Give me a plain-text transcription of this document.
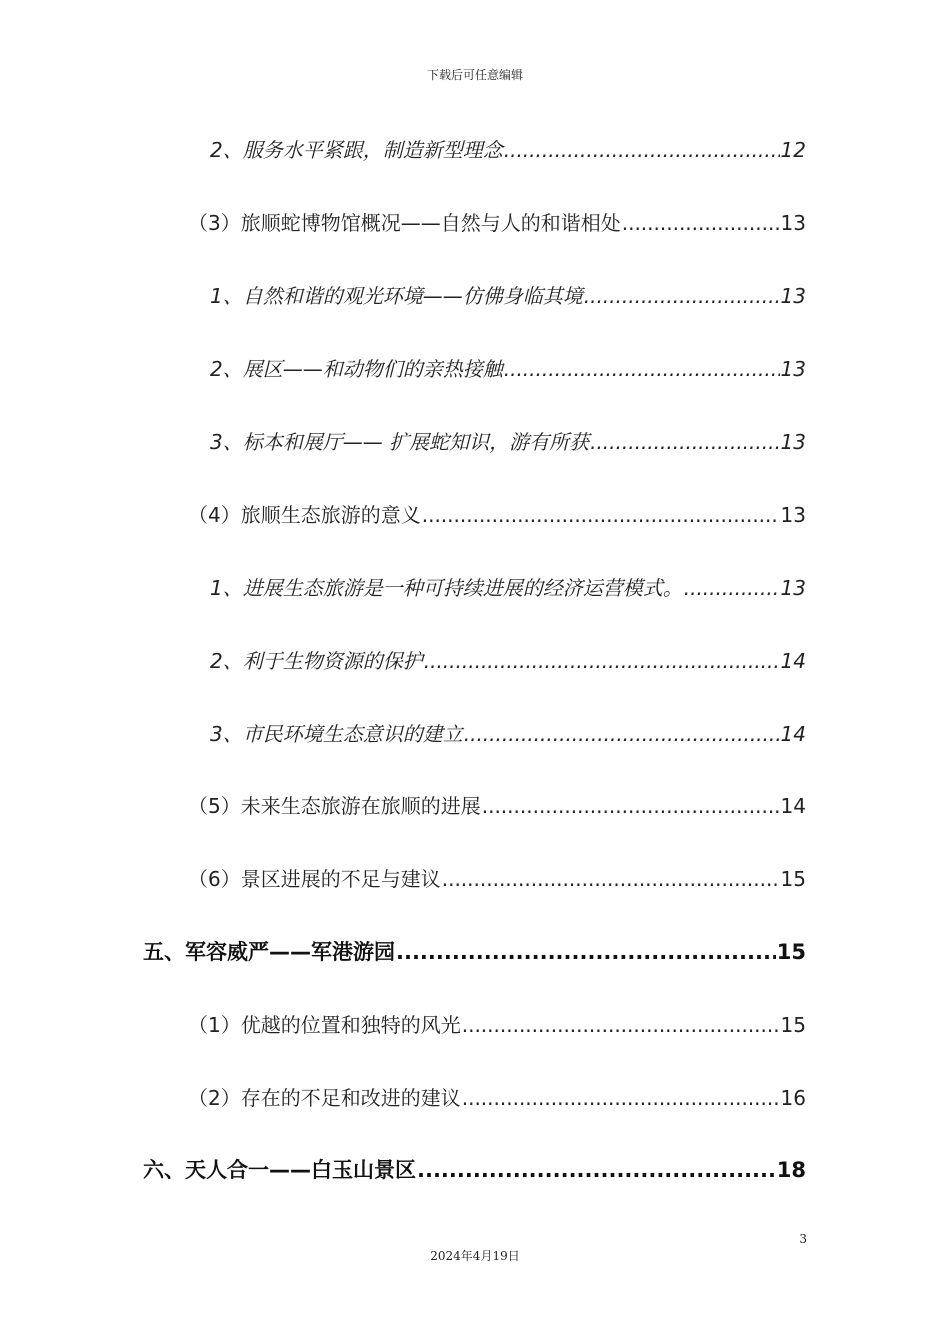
下载后可任意编辑
2、服务水平紧跟，制造新型理念 .....	12
（3）旅顺蛇博物馆概况——自然与人的和谐相处 .....	13
1、自然和谐的观光环境——仿佛身临其境 .....	13
2、展区——和动物们的亲热接触 .....	13
3、标本和展厅—— 扩展蛇知识，游有所获 .....	13
（4）旅顺生态旅游的意义 .....	13
1、进展生态旅游是一种可持续进展的经济运营模式。 .....	13
2、利于生物资源的保护 .....	14
3、市民环境生态意识的建立 .....	14
（5）未来生态旅游在旅顺的进展 .....	14
（6）景区进展的不足与建议 .....	15
五、军容威严——军港游园 .....	15
（1）优越的位置和独特的风光 .....	15
（2）存在的不足和改进的建议 .....	16
六、天人合一——白玉山景区 .....	18
3
2024年4月19日
